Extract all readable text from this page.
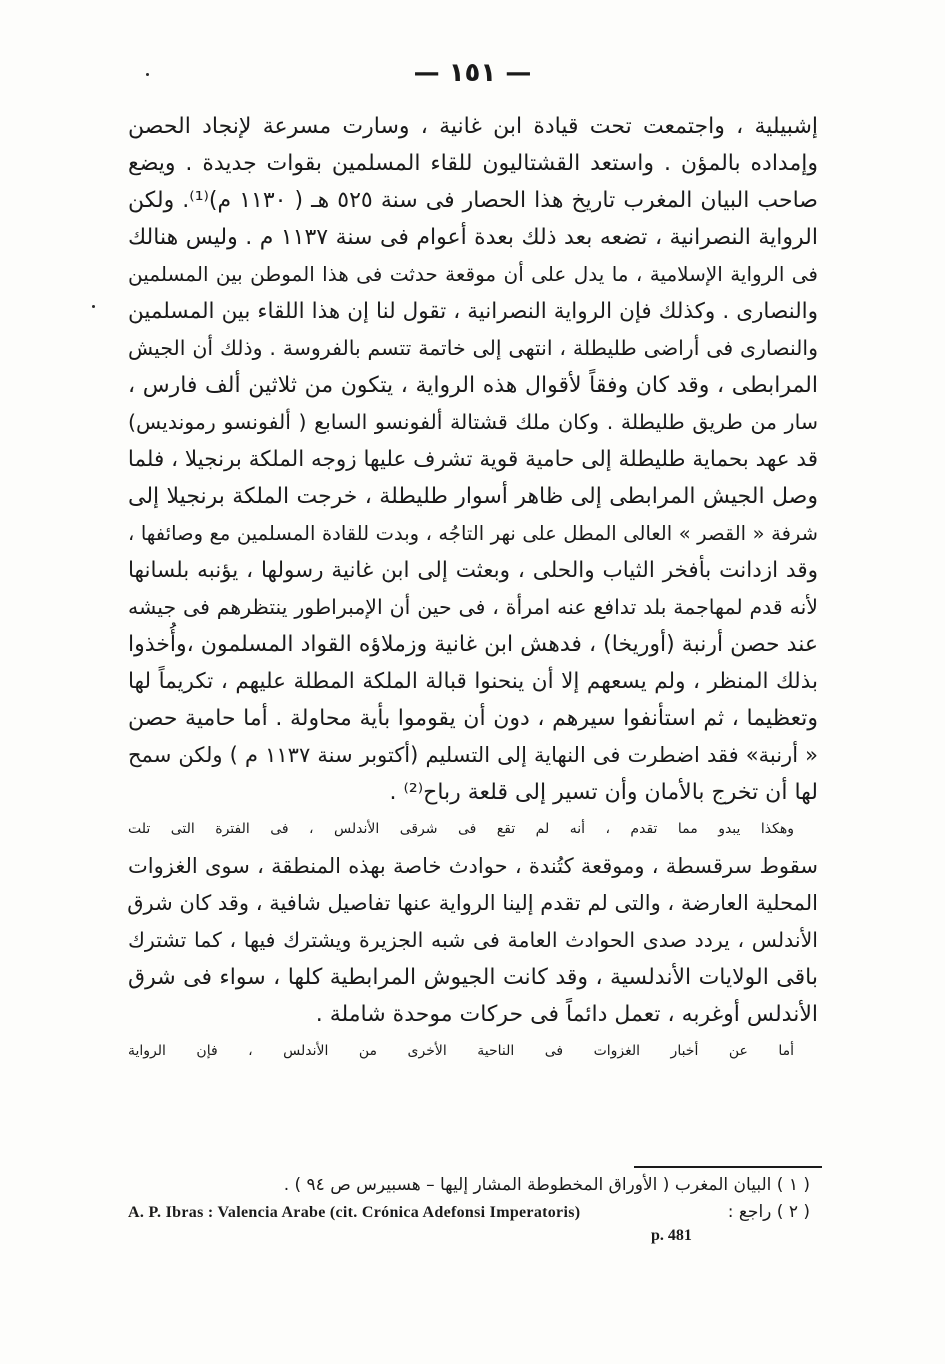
— ١٥١ —
إشبيلية ، واجتمعت تحت قيادة ابن غانية ، وسارت مسرعة لإنجاد الحصن
وإمداده بالمؤن . واستعد القشتاليون للقاء المسلمين بقوات جديدة . ويضع
صاحب البيان المغرب تاريخ هذا الحصار فى سنة ٥٢٥ هـ ( ١١٣٠ م)⁽¹⁾. ولكن
الرواية النصرانية ، تضعه بعد ذلك بعدة أعوام فى سنة ١١٣٧ م . وليس هنالك
فى الرواية الإسلامية ، ما يدل على أن موقعة حدثت فى هذا الموطن بين المسلمين
والنصارى . وكذلك فإن الرواية النصرانية ، تقول لنا إن هذا اللقاء بين المسلمين
والنصارى فى أراضى طليطلة ، انتهى إلى خاتمة تتسم بالفروسة . وذلك أن الجيش
المرابطى ، وقد كان وفقاً لأقوال هذه الرواية ، يتكون من ثلاثين ألف فارس ،
سار من طريق طليطلة . وكان ملك قشتالة ألفونسو السابع ( ألفونسو رمونديس)
قد عهد بحماية طليطلة إلى حامية قوية تشرف عليها زوجه الملكة برنجيلا ، فلما
وصل الجيش المرابطى إلى ظاهر أسوار طليطلة ، خرجت الملكة برنجيلا إلى
شرفة « القصر » العالى المطل على نهر التاجُه ، وبدت للقادة المسلمين مع وصائفها ،
وقد ازدانت بأفخر الثياب والحلى ، وبعثت إلى ابن غانية رسولها ، يؤنبه بلسانها
لأنه قدم لمهاجمة بلد تدافع عنه امرأة ، فى حين أن الإمبراطور ينتظرهم فى جيشه
عند حصن أرنبة (أوريخا) ، فدهش ابن غانية وزملاؤه القواد المسلمون ،وأُخذوا
بذلك المنظر ، ولم يسعهم إلا أن ينحنوا قبالة الملكة المطلة عليهم ، تكريماً لها
وتعظيما ، ثم استأنفوا سيرهم ، دون أن يقوموا بأية محاولة . أما حامية حصن
« أرنبة» فقد اضطرت فى النهاية إلى التسليم (أكتوبر سنة ١١٣٧ م ) ولكن سمح
لها أن تخرج بالأمان وأن تسير إلى قلعة رباح⁽²⁾ .
وهكذا يبدو مما تقدم ، أنه لم تقع فى شرقى الأندلس ، فى الفترة التى تلت
سقوط سرقسطة ، وموقعة كتُندة ، حوادث خاصة بهذه المنطقة ، سوى الغزوات
المحلية العارضة ، والتى لم تقدم إلينا الرواية عنها تفاصيل شافية ، وقد كان شرق
الأندلس ، يردد صدى الحوادث العامة فى شبه الجزيرة ويشترك فيها ، كما تشترك
باقى الولايات الأندلسية ، وقد كانت الجيوش المرابطية كلها ، سواء فى شرق
الأندلس أوغربه ، تعمل دائماً فى حركات موحدة شاملة .
أما عن أخبار الغزوات فى الناحية الأخرى من الأندلس ، فإن الرواية
( ١ ) البيان المغرب ( الأوراق المخطوطة المشار إليها – هسبيرس ص ٩٤ ) .
A. P. Ibras : Valencia Arabe (cit. Crónica Adefonsi Imperatoris)	( ٢ ) راجع :
p. 481
